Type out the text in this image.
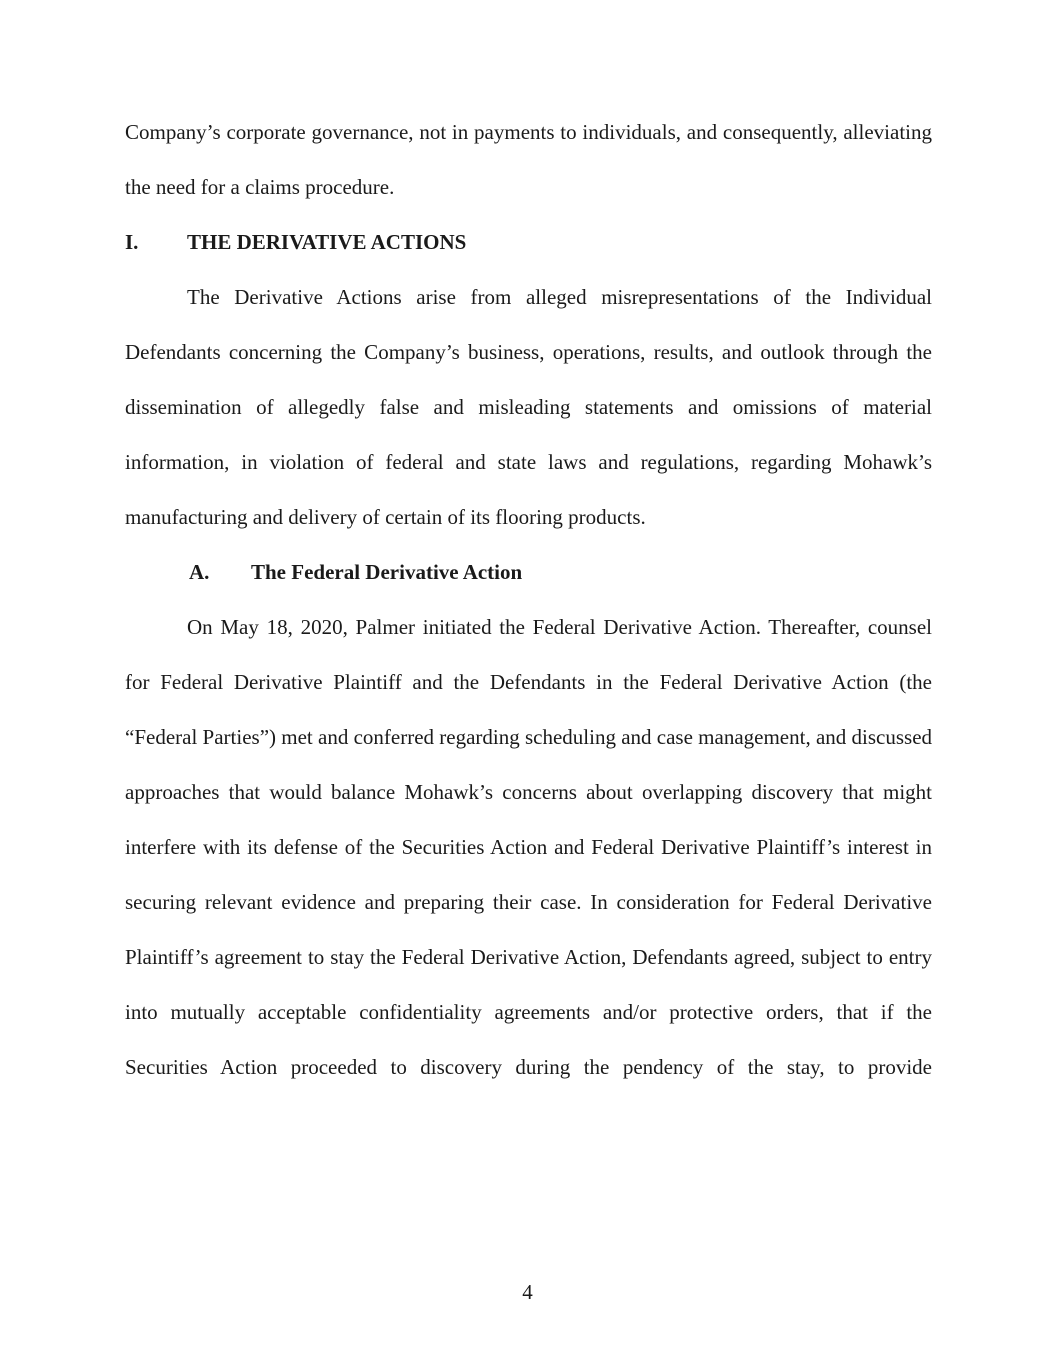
Company’s corporate governance, not in payments to individuals, and consequently, alleviating the need for a claims procedure.

I. THE DERIVATIVE ACTIONS

The Derivative Actions arise from alleged misrepresentations of the Individual Defendants concerning the Company’s business, operations, results, and outlook through the dissemination of allegedly false and misleading statements and omissions of material information, in violation of federal and state laws and regulations, regarding Mohawk’s manufacturing and delivery of certain of its flooring products.

A. The Federal Derivative Action

On May 18, 2020, Palmer initiated the Federal Derivative Action. Thereafter, counsel for Federal Derivative Plaintiff and the Defendants in the Federal Derivative Action (the “Federal Parties”) met and conferred regarding scheduling and case management, and discussed approaches that would balance Mohawk’s concerns about overlapping discovery that might interfere with its defense of the Securities Action and Federal Derivative Plaintiff’s interest in securing relevant evidence and preparing their case. In consideration for Federal Derivative Plaintiff’s agreement to stay the Federal Derivative Action, Defendants agreed, subject to entry into mutually acceptable confidentiality agreements and/or protective orders, that if the Securities Action proceeded to discovery during the pendency of the stay, to provide

4
